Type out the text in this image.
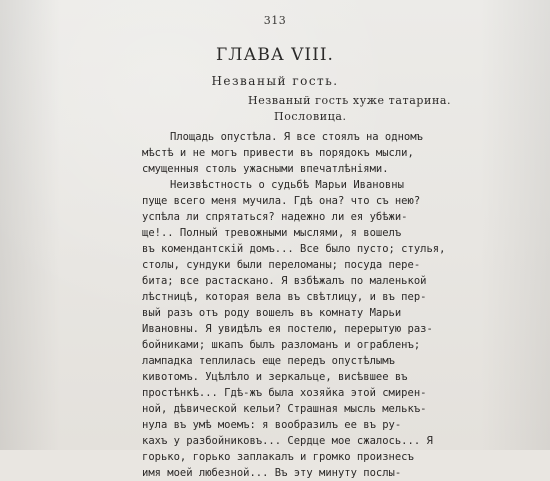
313
ГЛАВА VIII.
Незваный гость.
Незваный гость хуже татарина.
Пословица.
Площадь опустѣла. Я все стоялъ на одномъ
мѣстѣ и не могъ привести въ порядокъ мысли,
смущенныя столь ужасными впечатлѣніями.
Неизвѣстность о судьбѣ Марьи Ивановны
пуще всего меня мучила. Гдѣ она? что съ нею?
успѣла ли спрятаться? надежно ли ея убѣжи-
ще!.. Полный тревожными мыслями, я вошелъ
въ комендантскій домъ... Все было пусто; стулья,
столы, сундуки были переломаны; посуда пере-
бита; все растаскано. Я взбѣжалъ по маленькой
лѣстницѣ, которая вела въ свѣтлицу, и въ пер-
вый разъ отъ роду вошелъ въ комнату Марьи
Ивановны. Я увидѣлъ ея постелю, перерытую раз-
бойниками; шкапъ былъ разломанъ и ограбленъ;
лампадка теплилась еще передъ опустѣлымъ
кивотомъ. Уцѣлѣло и зеркальце, висѣвшее въ
простѣнкѣ... Гдѣ-жъ была хозяйка этой смирен-
ной, дѣвической кельи? Страшная мысль мелькъ-
нула въ умѣ моемъ: я вообразилъ ее въ ру-
кахъ у разбойниковъ... Сердце мое сжалось... Я
горько, горько заплакалъ и громко произнесъ
имя моей любезной... Въ эту минуту послы-
